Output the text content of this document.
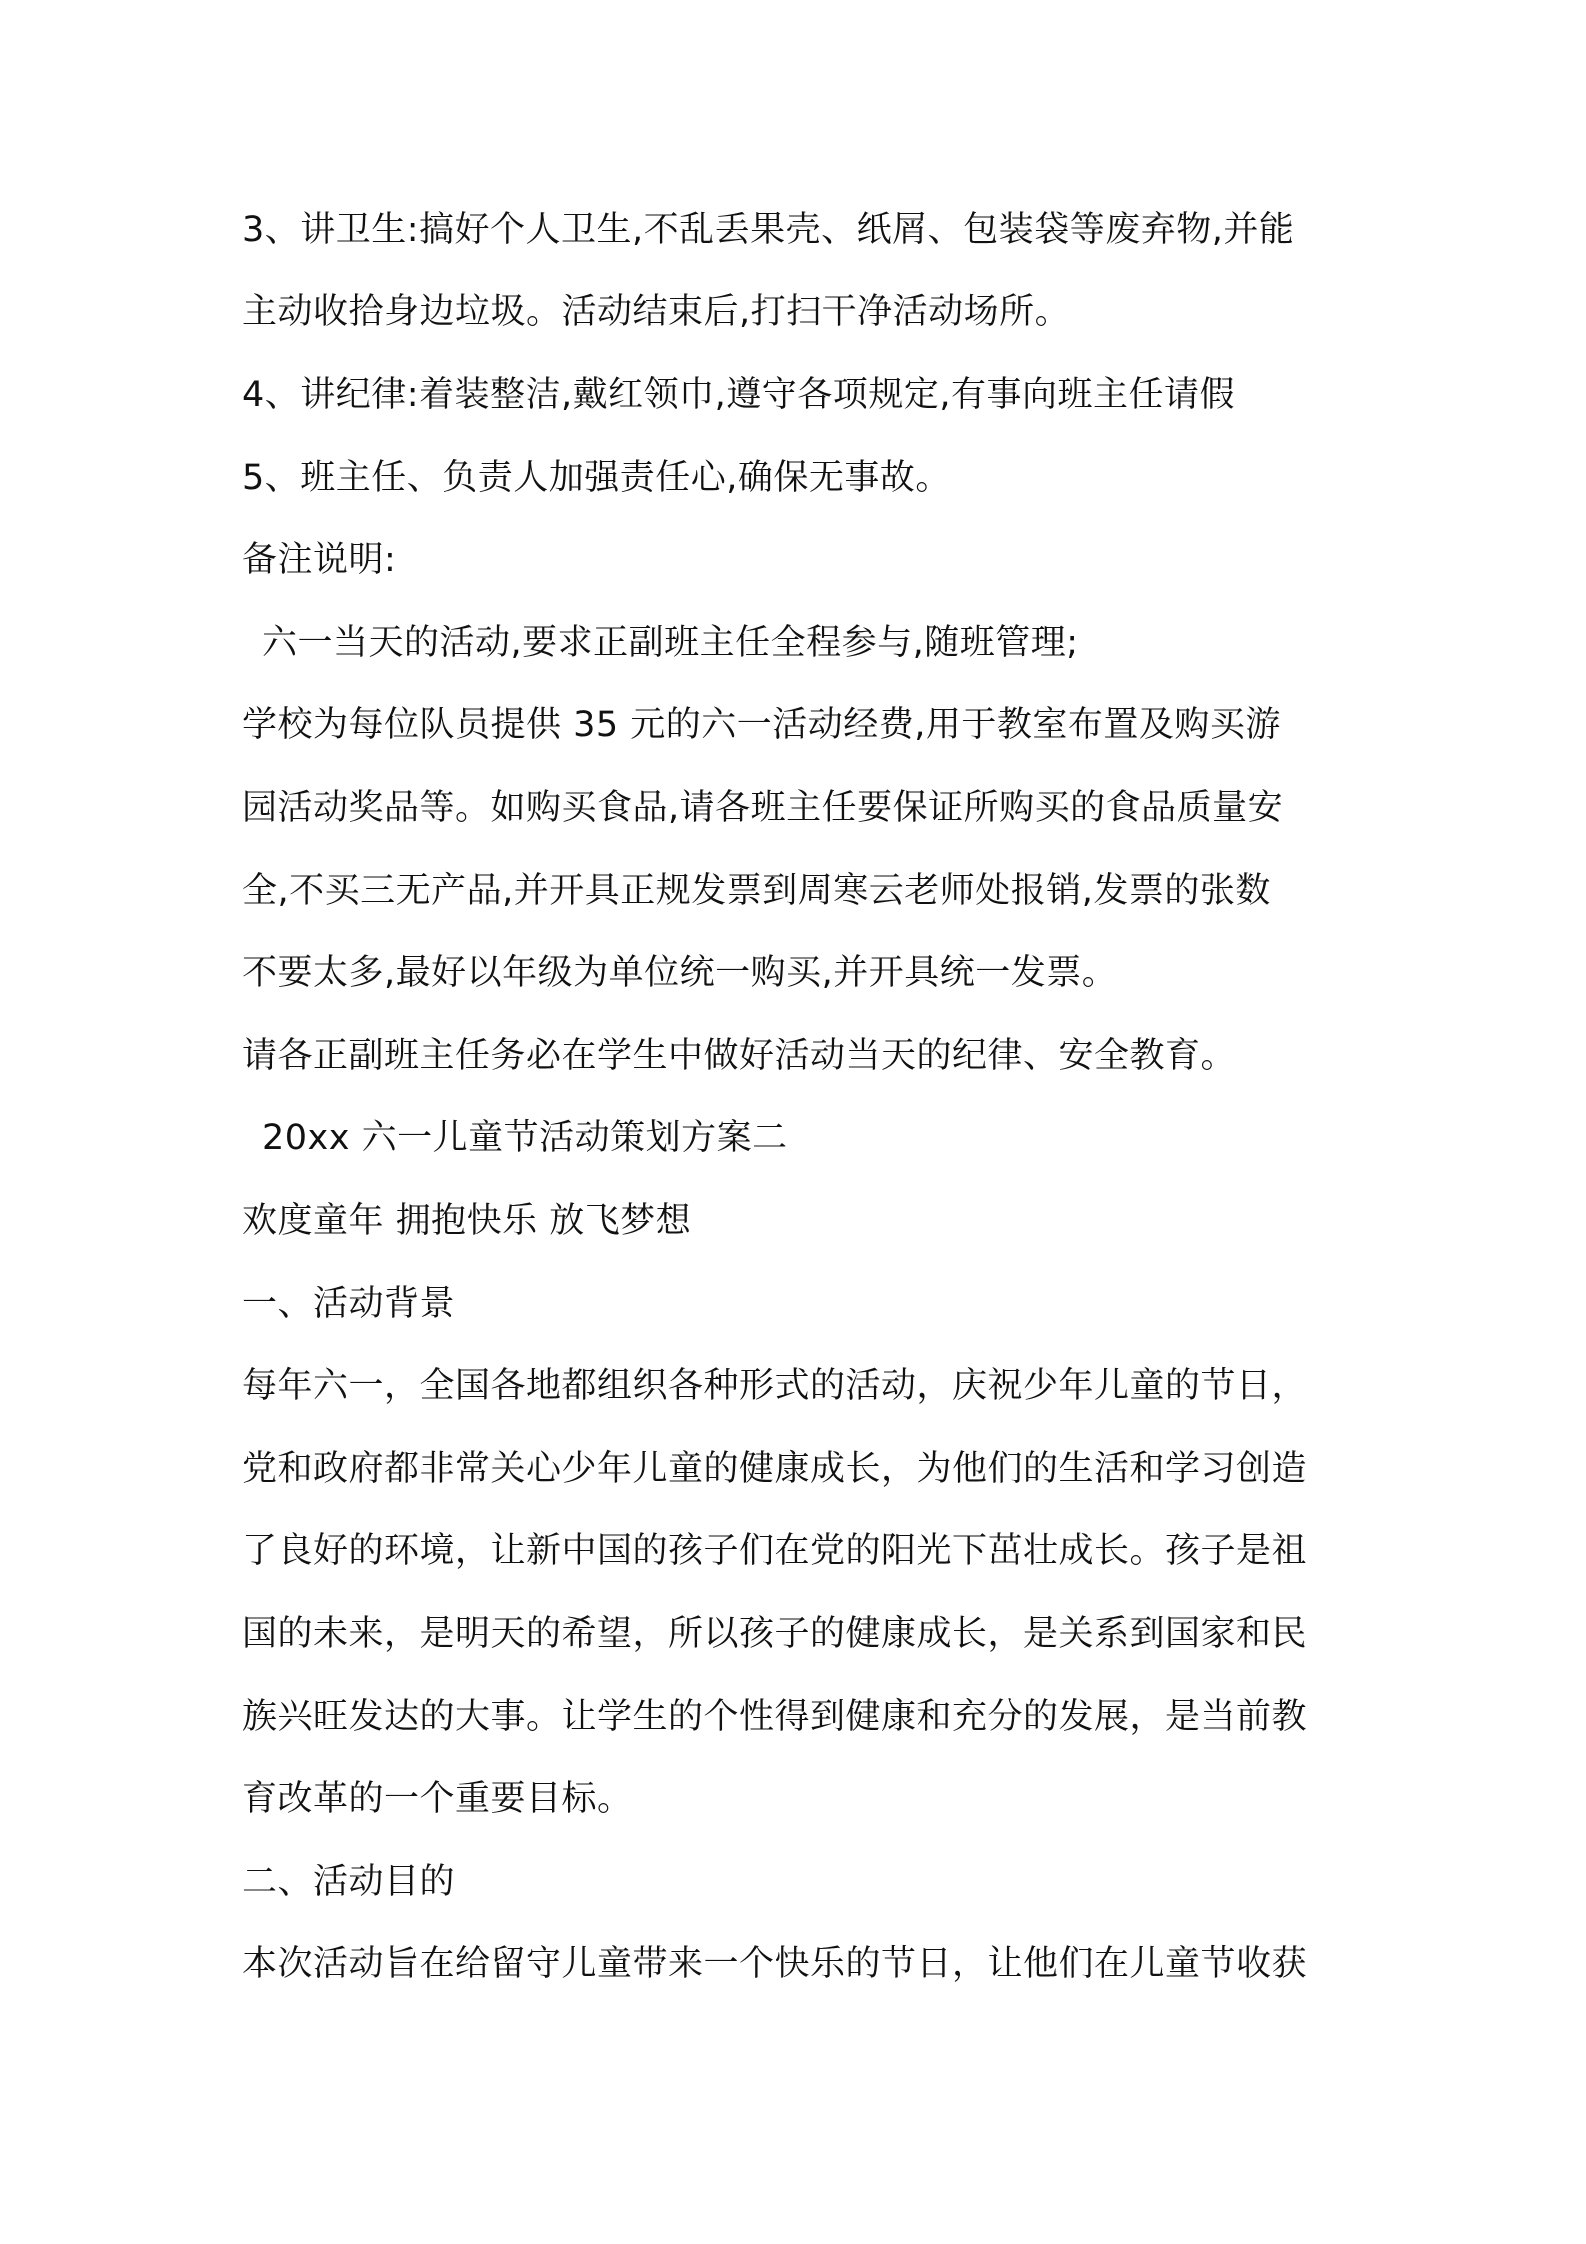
3、讲卫生:搞好个人卫生,不乱丢果壳、纸屑、包装袋等废弃物,并能
主动收拾身边垃圾。活动结束后,打扫干净活动场所。
4、讲纪律:着装整洁,戴红领巾,遵守各项规定,有事向班主任请假
5、班主任、负责人加强责任心,确保无事故。
备注说明:
六一当天的活动,要求正副班主任全程参与,随班管理;
学校为每位队员提供 35 元的六一活动经费,用于教室布置及购买游
园活动奖品等。如购买食品,请各班主任要保证所购买的食品质量安
全,不买三无产品,并开具正规发票到周寒云老师处报销,发票的张数
不要太多,最好以年级为单位统一购买,并开具统一发票。
请各正副班主任务必在学生中做好活动当天的纪律、安全教育。
20xx 六一儿童节活动策划方案二
欢度童年 拥抱快乐 放飞梦想
一、活动背景
每年六一，全国各地都组织各种形式的活动，庆祝少年儿童的节日，
党和政府都非常关心少年儿童的健康成长，为他们的生活和学习创造
了良好的环境，让新中国的孩子们在党的阳光下茁壮成长。孩子是祖
国的未来，是明天的希望，所以孩子的健康成长，是关系到国家和民
族兴旺发达的大事。让学生的个性得到健康和充分的发展，是当前教
育改革的一个重要目标。
二、活动目的
本次活动旨在给留守儿童带来一个快乐的节日，让他们在儿童节收获
